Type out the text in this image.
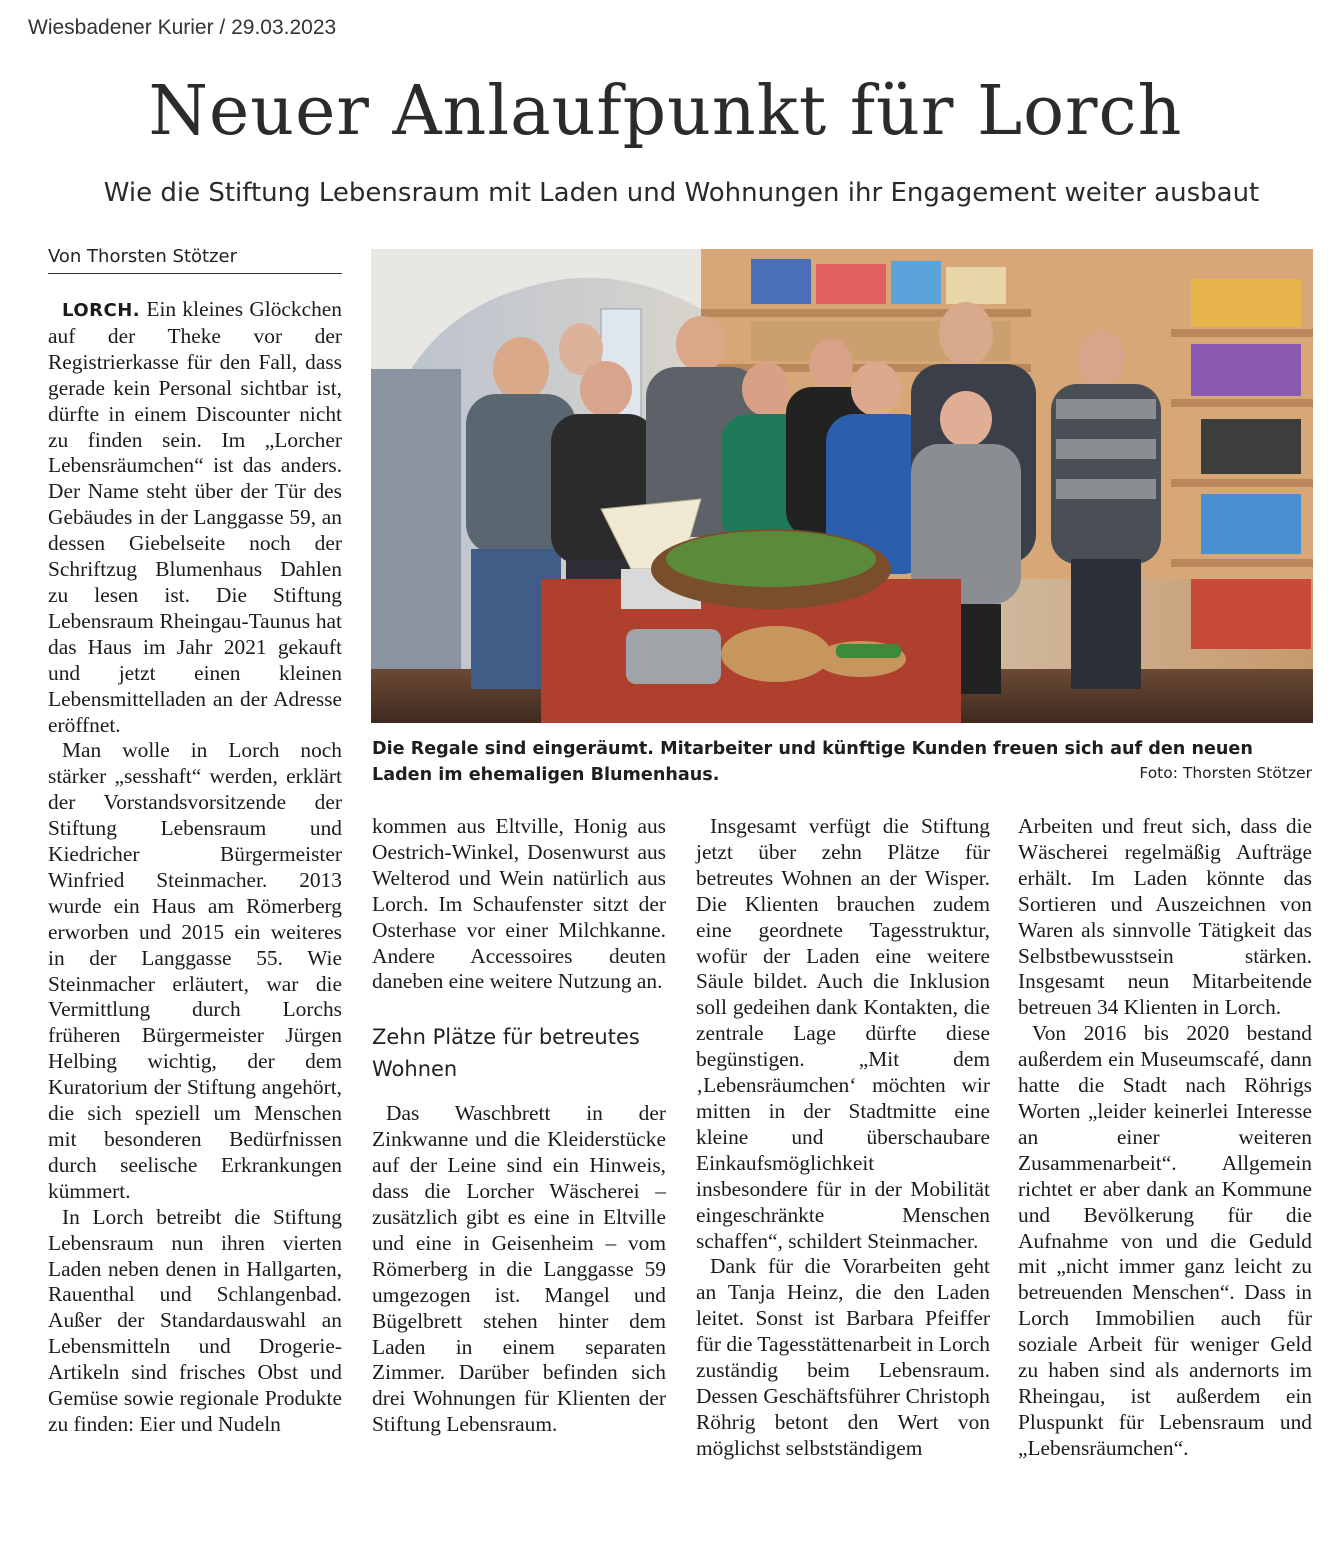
Wiesbadener Kurier / 29.03.2023
Neuer Anlaufpunkt für Lorch
Wie die Stiftung Lebensraum mit Laden und Wohnungen ihr Engagement weiter ausbaut
Von Thorsten Stötzer

LORCH. Ein kleines Glöckchen auf der Theke vor der Registrierkasse für den Fall, dass gerade kein Personal sichtbar ist, dürfte in einem Discounter nicht zu finden sein. Im „Lorcher Lebensräumchen“ ist das anders. Der Name steht über der Tür des Gebäudes in der Langgasse 59, an dessen Giebelseite noch der Schriftzug Blumenhaus Dahlen zu lesen ist. Die Stiftung Lebensraum Rheingau-Taunus hat das Haus im Jahr 2021 gekauft und jetzt einen kleinen Lebensmittelladen an der Adresse eröffnet.

Man wolle in Lorch noch stärker „sesshaft“ werden, erklärt der Vorstandsvorsitzende der Stiftung Lebensraum und Kiedricher Bürgermeister Winfried Steinmacher. 2013 wurde ein Haus am Römerberg erworben und 2015 ein weiteres in der Langgasse 55. Wie Steinmacher erläutert, war die Vermittlung durch Lorchs früheren Bürgermeister Jürgen Helbing wichtig, der dem Kuratorium der Stiftung angehört, die sich speziell um Menschen mit besonderen Bedürfnissen durch seelische Erkrankungen kümmert.

In Lorch betreibt die Stiftung Lebensraum nun ihren vierten Laden neben denen in Hallgarten, Rauenthal und Schlangenbad. Außer der Standardauswahl an Lebensmitteln und Drogerie-Artikeln sind frisches Obst und Gemüse sowie regionale Produkte zu finden: Eier und Nudeln

Die Regale sind eingeräumt. Mitarbeiter und künftige Kunden freuen sich auf den neuen Laden im ehemaligen Blumenhaus.	Foto: Thorsten Stötzer

kommen aus Eltville, Honig aus Oestrich-Winkel, Dosenwurst aus Welterod und Wein natürlich aus Lorch. Im Schaufenster sitzt der Osterhase vor einer Milchkanne. Andere Accessoires deuten daneben eine weitere Nutzung an.

Zehn Plätze für betreutes Wohnen

Das Waschbrett in der Zinkwanne und die Kleiderstücke auf der Leine sind ein Hinweis, dass die Lorcher Wäscherei – zusätzlich gibt es eine in Eltville und eine in Geisenheim – vom Römerberg in die Langgasse 59 umgezogen ist. Mangel und Bügelbrett stehen hinter dem Laden in einem separaten Zimmer. Darüber befinden sich drei Wohnungen für Klienten der Stiftung Lebensraum.

Insgesamt verfügt die Stiftung jetzt über zehn Plätze für betreutes Wohnen an der Wisper. Die Klienten brauchen zudem eine geordnete Tagesstruktur, wofür der Laden eine weitere Säule bildet. Auch die Inklusion soll gedeihen dank Kontakten, die zentrale Lage dürfte diese begünstigen. „Mit dem ‚Lebensräumchen‘ möchten wir mitten in der Stadtmitte eine kleine und überschaubare Einkaufsmöglichkeit insbesondere für in der Mobilität eingeschränkte Menschen schaffen“, schildert Steinmacher.

Dank für die Vorarbeiten geht an Tanja Heinz, die den Laden leitet. Sonst ist Barbara Pfeiffer für die Tagesstättenarbeit in Lorch zuständig beim Lebensraum. Dessen Geschäftsführer Christoph Röhrig betont den Wert von möglichst selbstständigem

Arbeiten und freut sich, dass die Wäscherei regelmäßig Aufträge erhält. Im Laden könnte das Sortieren und Auszeichnen von Waren als sinnvolle Tätigkeit das Selbstbewusstsein stärken. Insgesamt neun Mitarbeitende betreuen 34 Klienten in Lorch.

Von 2016 bis 2020 bestand außerdem ein Museumscafé, dann hatte die Stadt nach Röhrigs Worten „leider keinerlei Interesse an einer weiteren Zusammenarbeit“. Allgemein richtet er aber dank an Kommune und Bevölkerung für die Aufnahme von und die Geduld mit „nicht immer ganz leicht zu betreuenden Menschen“. Dass in Lorch Immobilien auch für soziale Arbeit für weniger Geld zu haben sind als andernorts im Rheingau, ist außerdem ein Pluspunkt für Lebensraum und „Lebensräumchen“.
